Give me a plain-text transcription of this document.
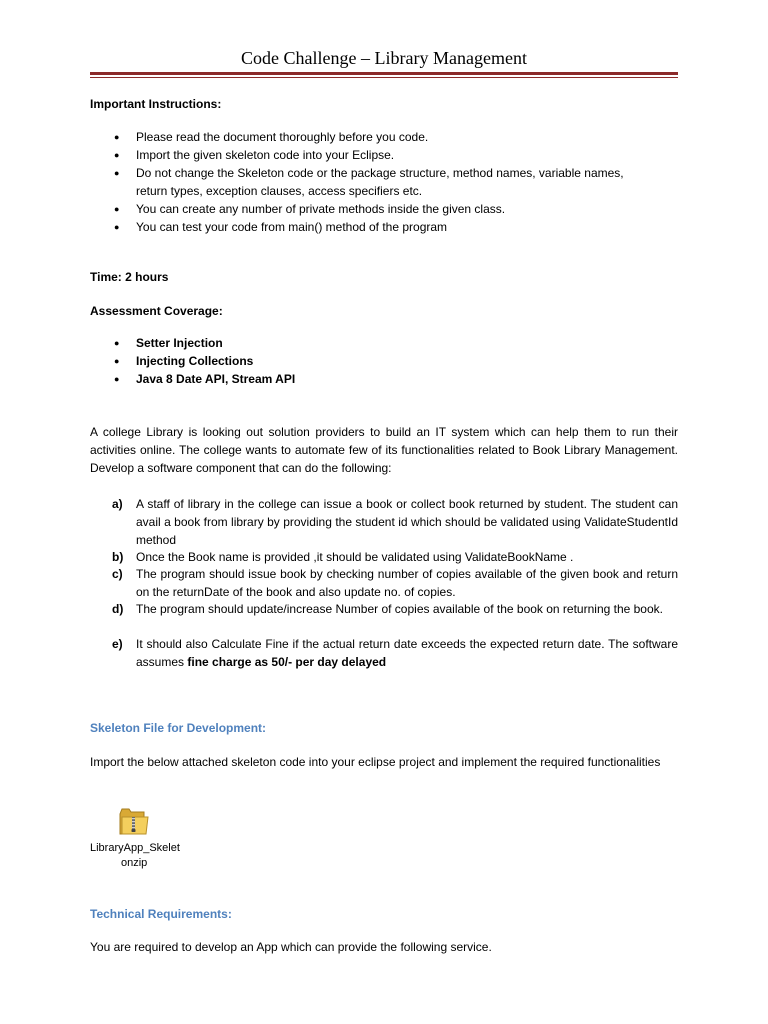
Code Challenge – Library Management
Important Instructions:
● Please read the document thoroughly before you code.
● Import the given skeleton code into your Eclipse.
● Do not change the Skeleton code or the package structure, method names, variable names,
return types, exception clauses, access specifiers etc.
● You can create any number of private methods inside the given class.
● You can test your code from main() method of the program
Time: 2 hours
Assessment Coverage:
● Setter Injection
● Injecting Collections
● Java 8 Date API, Stream API
A college Library is looking out solution providers to build an IT system which can help them to run their activities online. The college wants to automate few of its functionalities related to Book Library Management. Develop a software component that can do the following:
a) A staff of library in the college can issue a book or collect book returned by student. The student can avail a book from library by providing the student id which should be validated using ValidateStudentId method
b) Once the Book name is provided ,it should be validated using ValidateBookName .
c) The program should issue book by checking number of copies available of the given book and return on the returnDate of the book and also update no. of copies.
d) The program should update/increase Number of copies available of the book on returning the book.
e) It should also Calculate Fine if the actual return date exceeds the expected return date. The software assumes fine charge as 50/- per day delayed
Skeleton File for Development:
Import the below attached skeleton code into your eclipse project and implement the required functionalities
LibraryApp_Skelet
onzip
Technical Requirements:
You are required to develop an App which can provide the following service.
